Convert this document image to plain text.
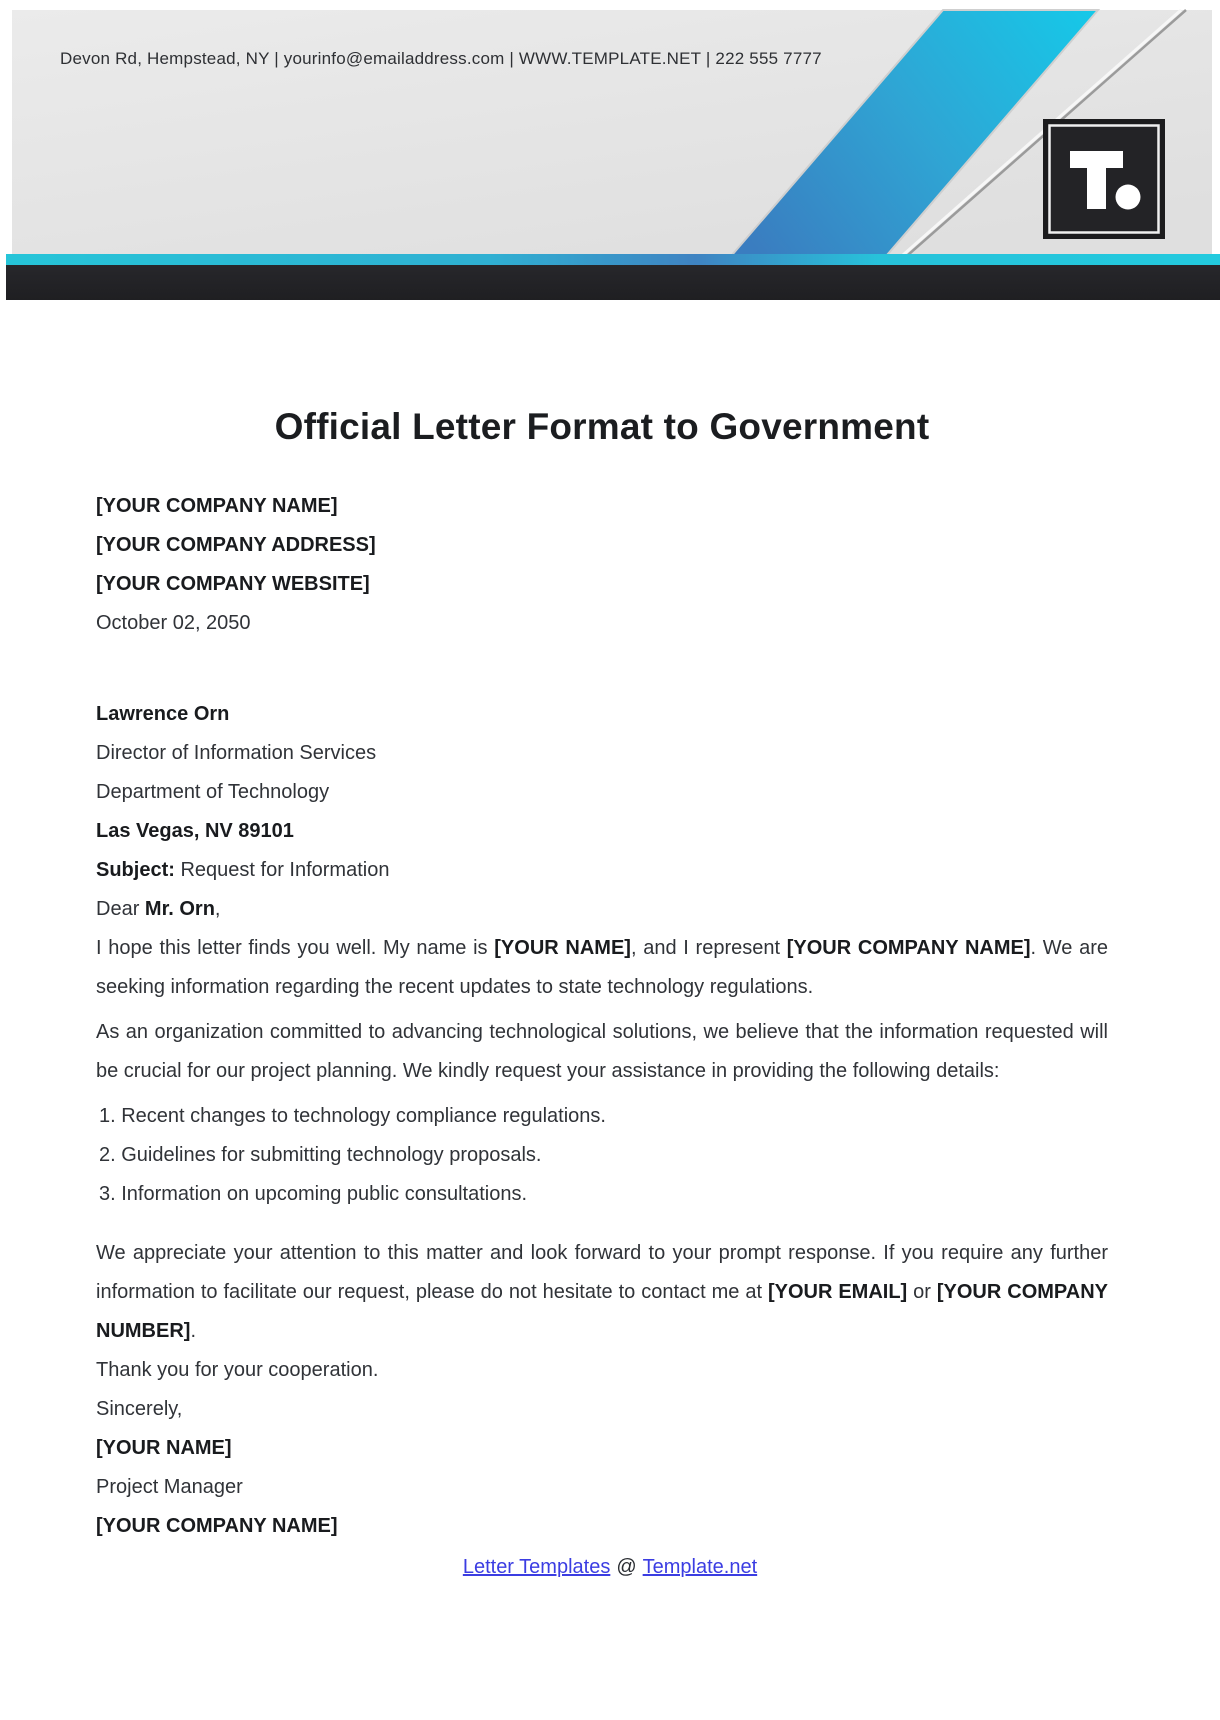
Devon Rd, Hempstead, NY | yourinfo@emailaddress.com | WWW.TEMPLATE.NET | 222 555 7777
Official Letter Format to Government

[YOUR COMPANY NAME]

[YOUR COMPANY ADDRESS]

[YOUR COMPANY WEBSITE]

October 02, 2050

Lawrence Orn

Director of Information Services

Department of Technology

Las Vegas, NV 89101

Subject: Request for Information

Dear Mr. Orn,

I hope this letter finds you well. My name is [YOUR NAME], and I represent [YOUR COMPANY NAME]. We are seeking information regarding the recent updates to state technology regulations.

As an organization committed to advancing technological solutions, we believe that the information requested will be crucial for our project planning. We kindly request your assistance in providing the following details:

1. Recent changes to technology compliance regulations.

2. Guidelines for submitting technology proposals.

3. Information on upcoming public consultations.

We appreciate your attention to this matter and look forward to your prompt response. If you require any further information to facilitate our request, please do not hesitate to contact me at [YOUR EMAIL] or [YOUR COMPANY NUMBER].

Thank you for your cooperation.

Sincerely,

[YOUR NAME]

Project Manager

[YOUR COMPANY NAME]

Letter Templates @ Template.net
